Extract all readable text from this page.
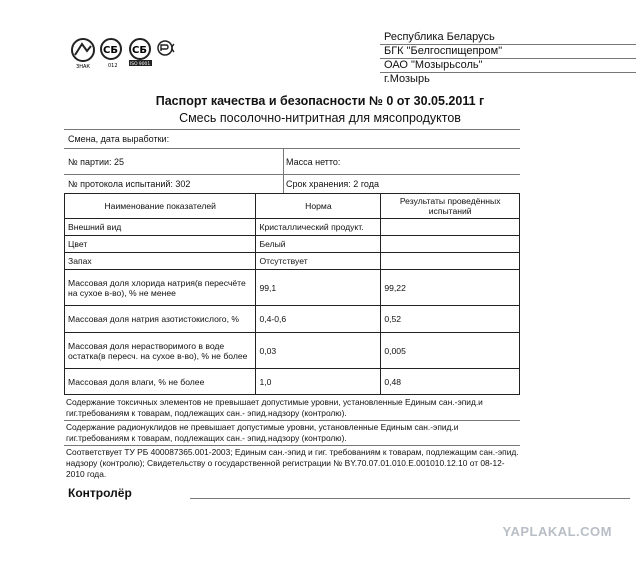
ЗНАК
CБ
012
CБ
ISO 9001
Республика Беларусь
БГК "Белгоспищепром"
ОАО "Мозырьсоль"
г.Мозырь
Паспорт качества и безопасности № 0 от 30.05.2011 г
Смесь посолочно-нитритная для мясопродуктов
Смена, дата выработки:
№ партии: 25	Масса нетто:
№ протокола испытаний: 302	Срок хранения: 2 года
Наименование показателей	Норма	Результаты проведённых испытаний
Внешний вид	Кристаллический продукт.	
Цвет	Белый	
Запах	Отсутствует	
Массовая доля хлорида натрия(в пересчёте на сухое в-во), % не менее	99,1	99,22
Массовая доля натрия азотистокислого, %	0,4-0,6	0,52
Массовая доля нерастворимого в воде остатка(в пересч. на сухое в-во), % не более	0,03	0,005
Массовая доля влаги, % не более	1,0	0,48
Содержание токсичных элементов не превышает допустимые уровни, установленные Единым сан.-эпид.и гиг.требованиям к товарам, подлежащих сан.- эпид.надзору (контролю).
Содержание радионуклидов не превышает допустимые уровни, установленные Единым сан.-эпид.и гиг.требованиям к товарам, подлежащих сан.- эпид.надзору (контролю).
Соответствует ТУ РБ 400087365.001-2003; Единым сан.-эпид и гиг. требованиям к товарам, подлежащим сан.-эпид. надзору (контролю); Свидетельству о государственной регистрации № BY.70.07.01.010.E.001010.12.10 от 08-12-2010 года.
Контролёр
YAPLAKAL.COM
